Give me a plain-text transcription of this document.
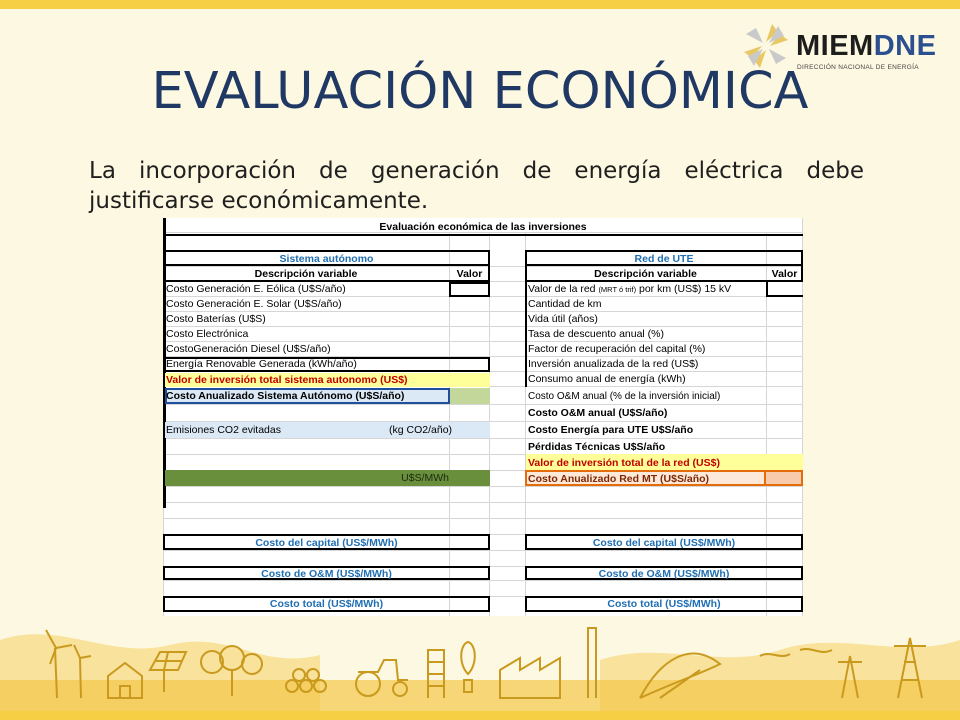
MIEMDNE
DIRECCIÓN NACIONAL DE ENERGÍA
EVALUACIÓN ECONÓMICA
La incorporación de generación de energía eléctrica debe justificarse económicamente.
Evaluación económica de las inversiones
Sistema autónomo
Descripción variable	Valor
Costo Generación E. Eólica (U$S/año)
Costo Generación E. Solar (U$S/año)
Costo Baterías (U$S)
Costo Electrónica
CostoGeneración Diesel (U$S/año)
Energía Renovable Generada (kWh/año)
Valor de inversión total sistema autonomo (US$)
Costo Anualizado Sistema Autónomo (U$S/año)
Emisiones CO2 evitadas	(kg CO2/año)
U$S/MWh
Costo del capital (US$/MWh)
Costo de O&M (US$/MWh)
Costo total (US$/MWh)
Red de UTE
Descripción variable	Valor
Valor de la red (MRT ó trif) por km (US$) 15 kV
Cantidad de km
Vida útil (años)
Tasa de descuento anual (%)
Factor de recuperación del capital (%)
Inversión anualizada de la red (US$)
Consumo anual de energía (kWh)
Costo O&M anual (% de la inversión inicial)
Costo O&M anual (U$S/año)
Costo Energía para UTE U$S/año
Pérdidas Técnicas U$S/año
Valor de inversión total de la red (US$)
Costo Anualizado Red MT (U$S/año)
Costo del capital (US$/MWh)
Costo de O&M (US$/MWh)
Costo total (US$/MWh)
